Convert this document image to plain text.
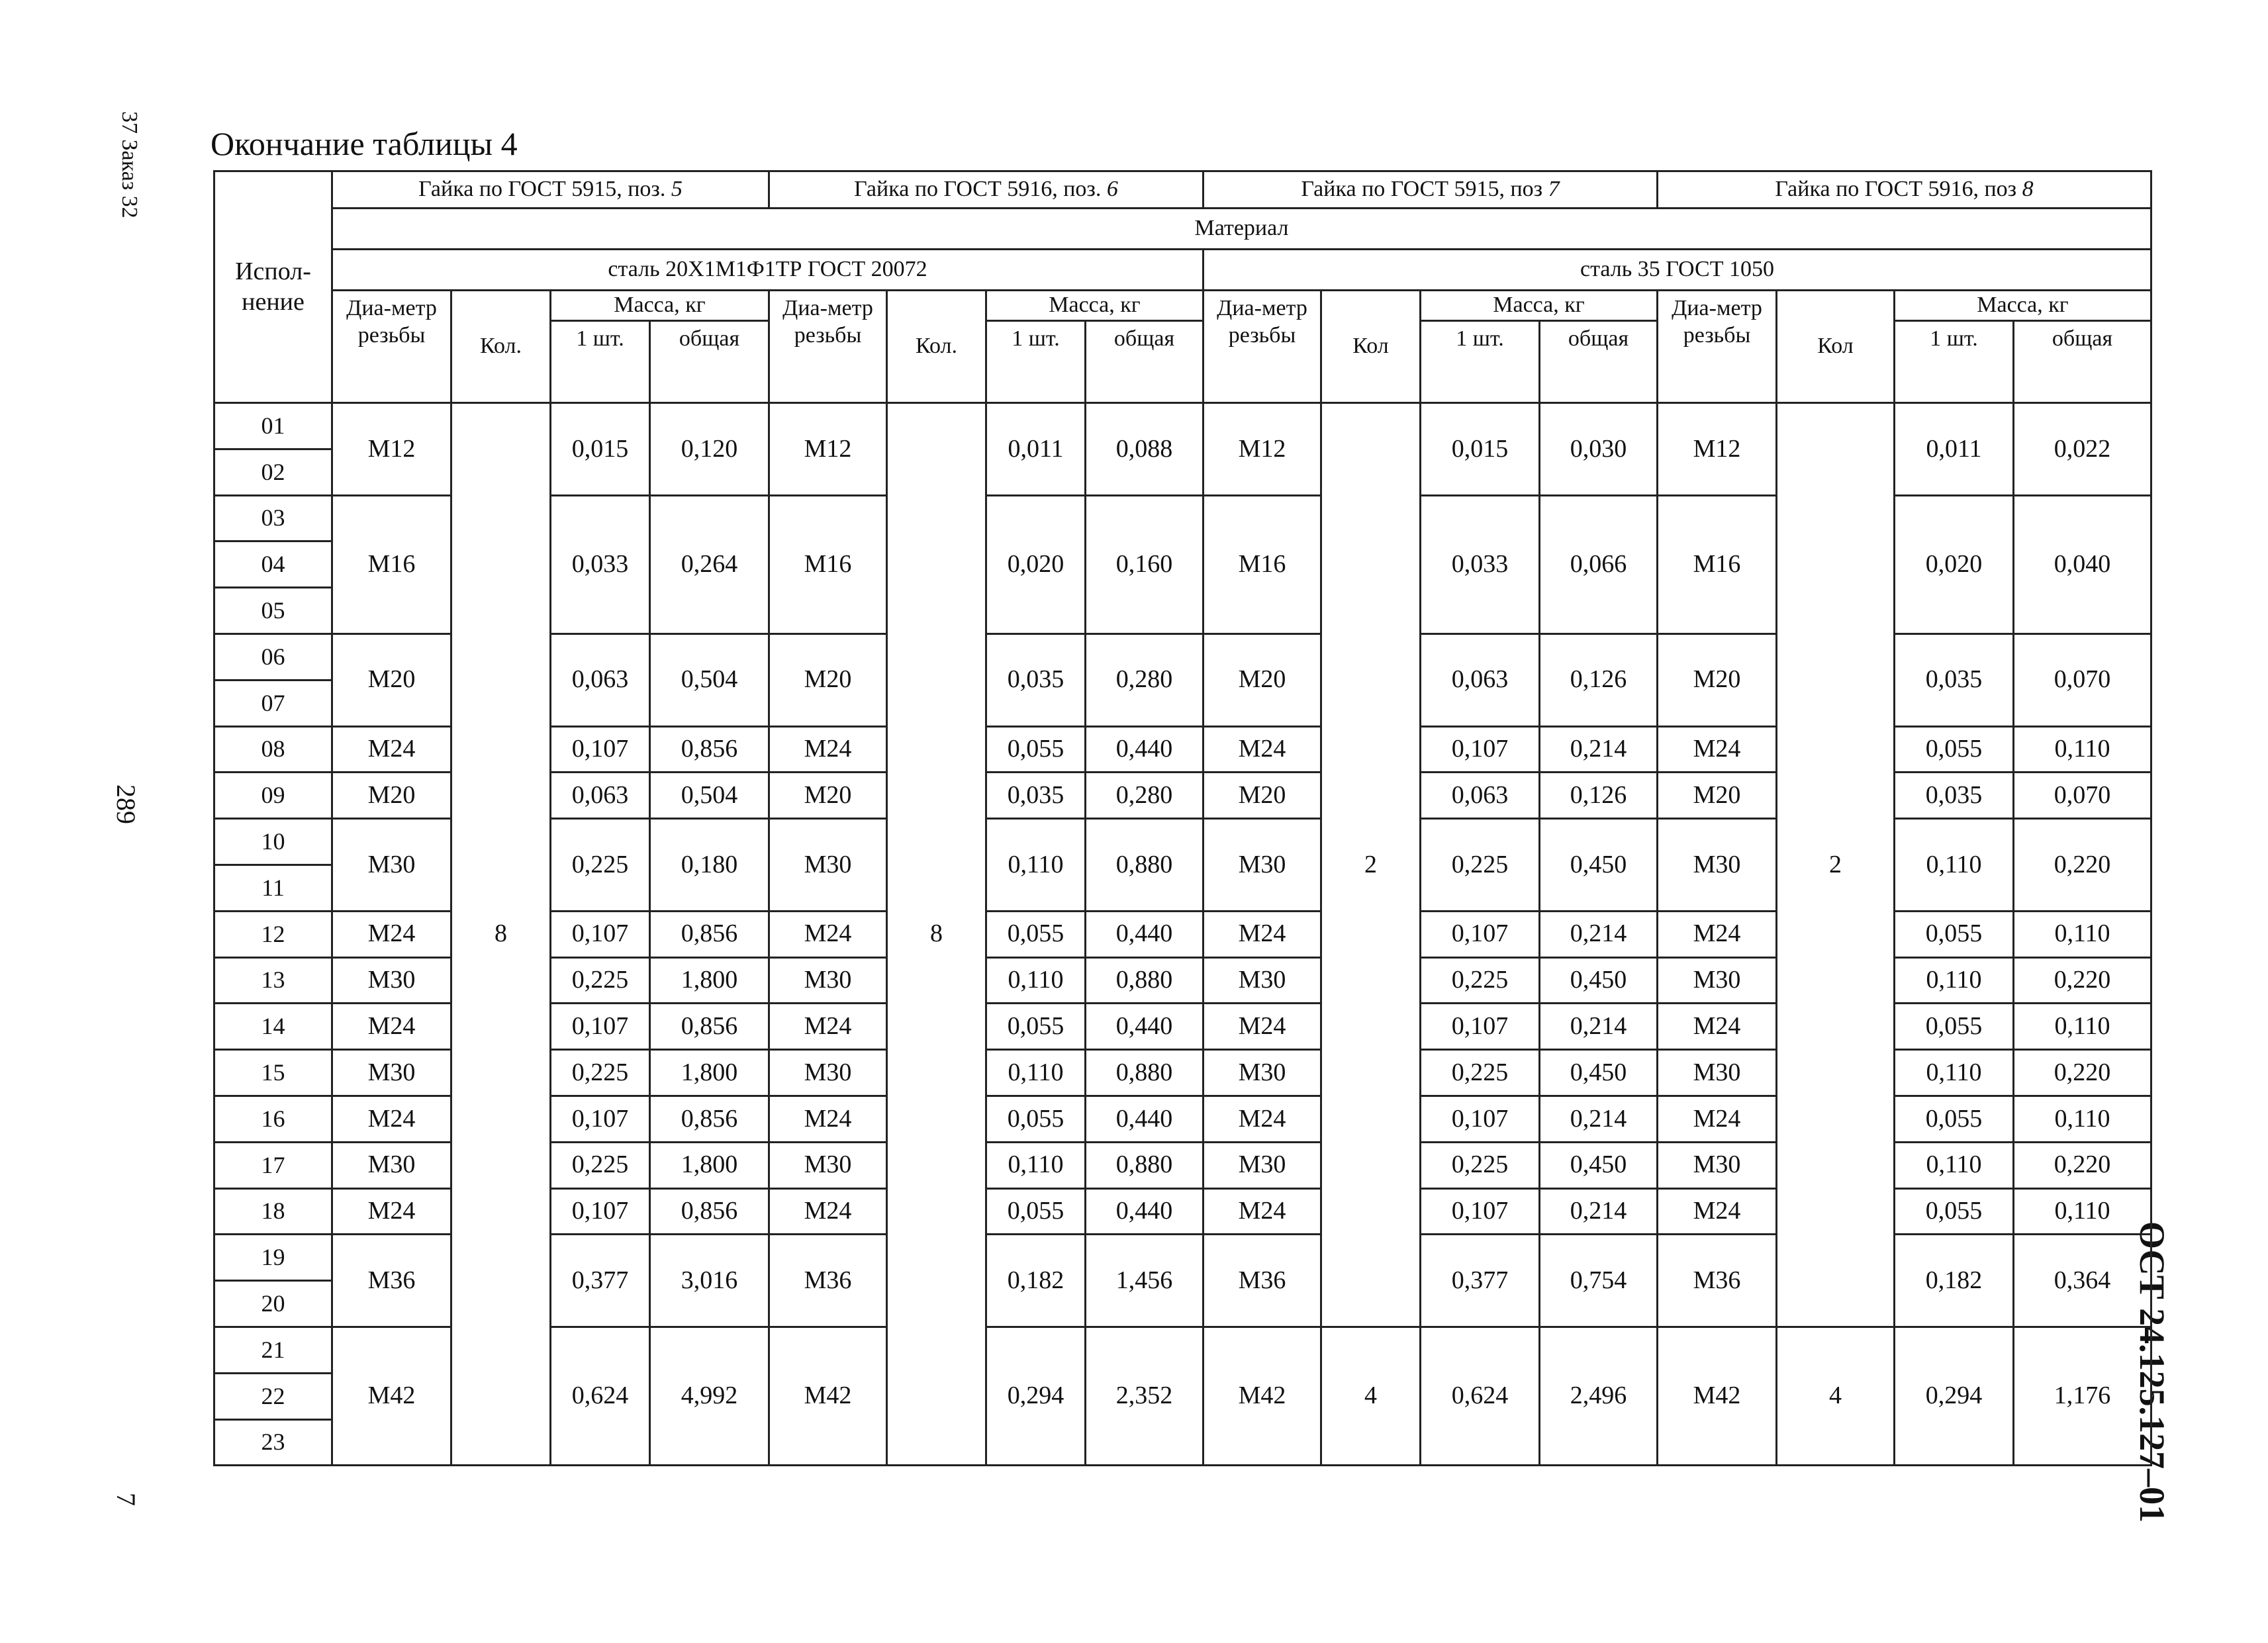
37 Заказ 32
289
7	ОСТ 24.125.127–01
Окончание таблицы 4
Испол-нение	Гайка по ГОСТ 5915, поз. 5				Гайка по ГОСТ 5916, поз. 6				Гайка по ГОСТ 5915, поз 7				Гайка по ГОСТ 5916, поз 8			
	Материал															
	сталь 20Х1М1Ф1ТР ГОСТ 20072								сталь 35 ГОСТ 1050							
	Диа-метр резьбы	Кол.	Масса, кг		Диа-метр резьбы	Кол.	Масса, кг		Диа-метр резьбы	Кол	Масса, кг		Диа-метр резьбы	Кол	Масса, кг	
			1 шт.	общая			1 шт.	общая			1 шт.	общая			1 шт.	общая
01	М12	8	0,015	0,120	М12	8	0,011	0,088	М12	2	0,015	0,030	М12	2	0,011	0,022
02																
03	М16		0,033	0,264	М16		0,020	0,160	М16		0,033	0,066	М16		0,020	0,040
04																
05																
06	М20		0,063	0,504	М20		0,035	0,280	М20		0,063	0,126	М20		0,035	0,070
07																
08	М24		0,107	0,856	М24		0,055	0,440	М24		0,107	0,214	М24		0,055	0,110
09	М20		0,063	0,504	М20		0,035	0,280	М20		0,063	0,126	М20		0,035	0,070
10	М30		0,225	0,180	М30		0,110	0,880	М30		0,225	0,450	М30		0,110	0,220
11																
12	М24		0,107	0,856	М24		0,055	0,440	М24		0,107	0,214	М24		0,055	0,110
13	М30		0,225	1,800	М30		0,110	0,880	М30		0,225	0,450	М30		0,110	0,220
14	М24		0,107	0,856	М24		0,055	0,440	М24		0,107	0,214	М24		0,055	0,110
15	М30		0,225	1,800	М30		0,110	0,880	М30		0,225	0,450	М30		0,110	0,220
16	М24		0,107	0,856	М24		0,055	0,440	М24		0,107	0,214	М24		0,055	0,110
17	М30		0,225	1,800	М30		0,110	0,880	М30		0,225	0,450	М30		0,110	0,220
18	М24		0,107	0,856	М24		0,055	0,440	М24		0,107	0,214	М24		0,055	0,110
19	М36		0,377	3,016	М36		0,182	1,456	М36		0,377	0,754	М36		0,182	0,364
20																
21	М42		0,624	4,992	М42		0,294	2,352	М42	4	0,624	2,496	М42	4	0,294	1,176
22																
23																
